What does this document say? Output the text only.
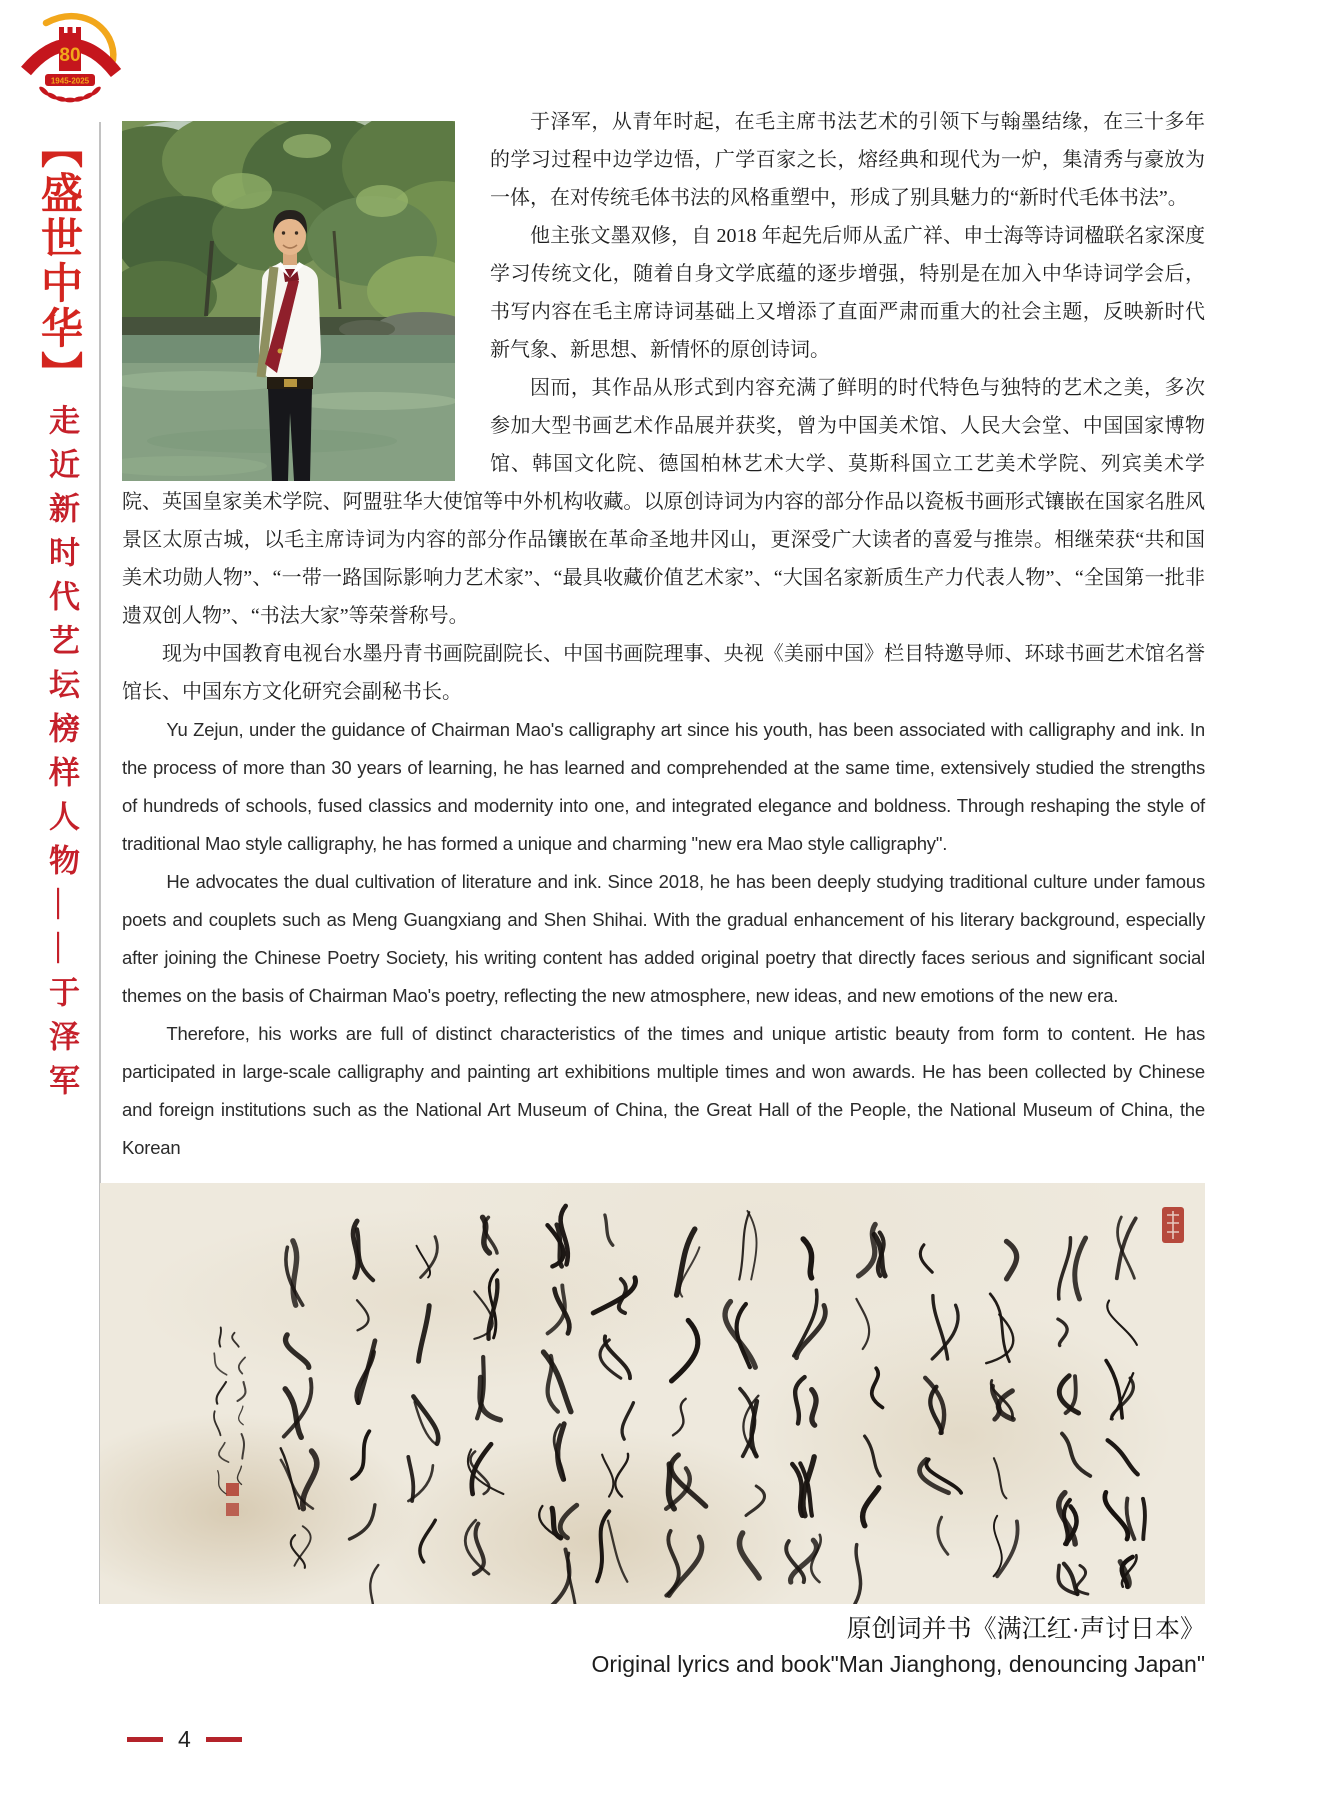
80
1945-2025
【盛世中华】
走近新时代艺坛榜样人物——于泽军

于泽军，从青年时起，在毛主席书法艺术的引领下与翰墨结缘，在三十多年的学习过程中边学边悟，广学百家之长，熔经典和现代为一炉，集清秀与豪放为一体，在对传统毛体书法的风格重塑中，形成了别具魅力的“新时代毛体书法”。

他主张文墨双修，自 2018 年起先后师从孟广祥、申士海等诗词楹联名家深度学习传统文化，随着自身文学底蕴的逐步增强，特别是在加入中华诗词学会后，书写内容在毛主席诗词基础上又增添了直面严肃而重大的社会主题，反映新时代新气象、新思想、新情怀的原创诗词。

因而，其作品从形式到内容充满了鲜明的时代特色与独特的艺术之美，多次参加大型书画艺术作品展并获奖，曾为中国美术馆、人民大会堂、中国国家博物馆、韩国文化院、德国柏林艺术大学、莫斯科国立工艺美术学院、列宾美术学院、英国皇家美术学院、阿盟驻华大使馆等中外机构收藏。以原创诗词为内容的部分作品以瓷板书画形式镶嵌在国家名胜风景区太原古城，以毛主席诗词为内容的部分作品镶嵌在革命圣地井冈山，更深受广大读者的喜爱与推崇。相继荣获“共和国美术功勋人物”、“一带一路国际影响力艺术家”、“最具收藏价值艺术家”、“大国名家新质生产力代表人物”、“全国第一批非遗双创人物”、“书法大家”等荣誉称号。

现为中国教育电视台水墨丹青书画院副院长、中国书画院理事、央视《美丽中国》栏目特邀导师、环球书画艺术馆名誉馆长、中国东方文化研究会副秘书长。

Yu Zejun, under the guidance of Chairman Mao's calligraphy art since his youth, has been associated with calligraphy and ink. In the process of more than 30 years of learning, he has learned and comprehended at the same time, extensively studied the strengths of hundreds of schools, fused classics and modernity into one, and integrated elegance and boldness. Through reshaping the style of traditional Mao style calligraphy, he has formed a unique and charming "new era Mao style calligraphy".

He advocates the dual cultivation of literature and ink. Since 2018, he has been deeply studying traditional culture under famous poets and couplets such as Meng Guangxiang and Shen Shihai. With the gradual enhancement of his literary background, especially after joining the Chinese Poetry Society, his writing content has added original poetry that directly faces serious and significant social themes on the basis of Chairman Mao's poetry, reflecting the new atmosphere, new ideas, and new emotions of the new era.

Therefore, his works are full of distinct characteristics of the times and unique artistic beauty from form to content. He has participated in large-scale calligraphy and painting art exhibitions multiple times and won awards. He has been collected by Chinese and foreign institutions such as the National Art Museum of China, the Great Hall of the People, the National Museum of China, the Korean

原创词并书《满江红·声讨日本》
Original lyrics and book"Man Jianghong, denouncing Japan"
4
